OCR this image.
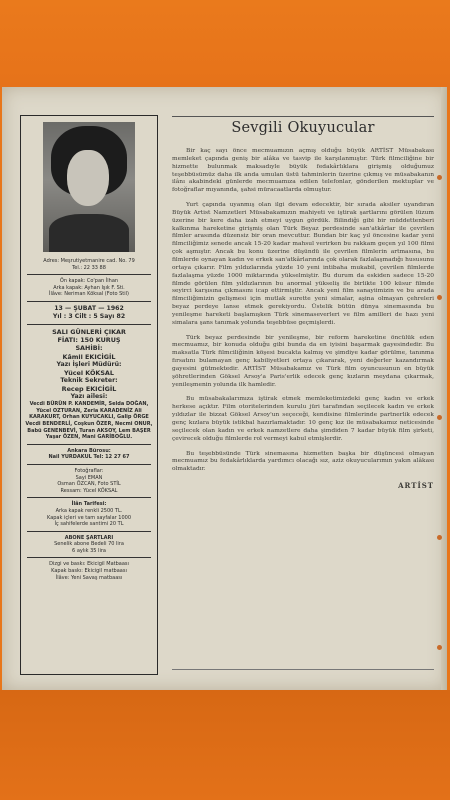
Adres: Meşrutiyetmanire cad. No. 79
Tel.: 22 33 88
Ön kapak: Co'pan İlhan
Arka kapak: Ayhan Işık F. Sti.
İlâve: Neriman Köksal (Foto Stil)
13 — ŞUBAT — 1962
Yıl : 3 Cilt : 5 Sayı 82
SALI GÜNLERİ ÇIKAR
FİATI: 150 KURUŞ
SAHİBİ:
Kâmil EKICİGİL
Yazı İşleri Müdürü:
Yücel KÖKSAL
Teknik Sekreter:
Recep EKICİGİL
Yazı ailesi:
Vecdi BÜRÜN P. KANDEMİR, Selda DOĞAN, Yücel OZTURAN, Zeria KARADENİZ Ali KARAKURT, Orhan KUYUCAKLI, Galip ÖRGE Vecdi BENDERLİ, Coşkun ÖZER, Necmi ONUR, Babü GENENBEVİ, Turan AKSOY, Lem BAŞER Yaşar ÖZEN, Mani GARİBOĞLU.
Ankara Bürosu:
Nail YURDAKUL Tel: 12 27 67
Fotoğraflar:
Sayi EMAN
Osman ÖZCAN, Foto STİL
Ressam: Yücel KÖKSAL
İlân Tarifesi:
Arka kapak renkli 2500 TL.
Kapak içleri ve tam sayfalar 1000
İç sahifelerde santimi 20 TL
ABONE ŞARTLARI
Senelik abone Bedeli 70 lira
6 aylık 35 lira
Dizgi ve baskı: Ekicigil Matbaası
Kapak baskı: Ekicigil matbaası
İlâve: Yeni Savaş matbaası
Sevgili Okuyucular

Bir kaç sayı önce mecmuamızın açmış olduğu büyük ARTİST Müsabakası memleket çapında geniş bir alâka ve tasvip ile karşılanmıştır. Türk filmciliğine bir hizmette bulunmak maksadıyle büyük fedakârlıklara girişmiş olduğumuz teşebbüsümüz daha ilk anda umulan üstü tahminlerin üzerine çıkmış ve müsabakanın ilânı akabindeki günlerde mecmuamıza edilen telefonlar, gönderilen mektuplar ve fotoğraflar mıyanında, şahsi müracaatlarda olmuştur.

Yurt çapında uyanmış olan ilgi devam edecektir, bir sırada aksiler uyandıran Büyük Artist Namzetleri Müsabakamızın mahiyeti ve iştirak şartlarını görülen lüzum üzerine bir kere daha izah etmeyi uygun gördük. Bilindiği gibi bir müddettenberi kalkınma hareketine girişmiş olan Türk Beyaz perdesinde san'atkârlar ile çevrilen filmler arasında düzensiz bir oran mevcuttur. Bundan bir kaç yıl öncesine kadar yeni filmciliğimiz senede ancak 15-20 kadar mahsul verirken bu rakkam geçen yıl 100 filmi çok aşmıştır. Ancak bu konu üzerine düşündü ile çevrilen filmlerin artmasına, bu filmlerde oynayan kadın ve erkek san'atkârlarında çok olarak fazlalaşmadığı hususunu ortaya çıkarır. Film yıldızlarında yüzde 10 yeni intibaha mukabil, çevrilen filmlerde fazlalaşma yüzde 1000 miktarında yükselmiştir. Bu durum da eskiden sadece 15-20 filmde görülen film yıldızlarının bu anormal yükseliş ile birlikte 100 küsur filmde seyirci karşısına çıkmasını icap ettirmiştir. Ancak yeni film sanayiimizin ve bu arada filmciliğimizin gelişmesi için mutlak surette yeni simalar, aşina olmayan çehreleri beyaz perdeye lanse etmek gerekiyordu. Üstelik bütün dünya sinemasında bu yenileşme hareketi başlamışken Türk sinemaseverleri ve film amilleri de hazı yeni simalara şans tanımak yolunda teşebbüse geçmişlerdi.

Türk beyaz perdesinde bir yenileşme, bir reform hareketine öncülük eden mecmuamız, bir konuda olduğu gibi bunda da en iyisini başarmak gayesindedir. Bu maksatla Türk filmciliğinin köşesi bucakta kalmış ve şimdiye kadar görülme, tanınma fırsatını bulamayan genç kabiliyetleri ortaya çıkararak, yeni değerler kazandırmak gayesini gütmektedir. ARTİST Müsabakamız ve Türk film oyuncusunun en büyük şöhretlerinden Göksel Arsoy'a Paris'erlik edecek genç kızların meydana çıkarmak, yenileşmenin yolunda ilk hamledir.

Bu müsabakalarımıza iştirak etmek memleketimizdeki genç kadın ve erkek herkese açıktır. Film otoritelerinden kurulu jüri tarafından seçilecek kadın ve erkek yıldızlar ile bizzat Göksel Arsoy'un seçeceği, kendisine filmlerinde partnerlik edecek genç kızlara büyük istikbal hazırlamaktadır. 10 genç kız ile müsabakamız neticesinde seçilecek olan kadın ve erkek namzetlere daha şimdiden 7 kadar büyük film şirketi, çevirecek olduğu filmlerde rol vermeyi kabul etmişlerdir.

Bu teşebbüsünde Türk sinemasına hizmetten başka bir düşüncesi olmayan mecmuamız bu fedakârlıklarda yardımcı olacağı sız, aziz okuyucularımın yakın alâkası olmaktadır.

ARTİST
